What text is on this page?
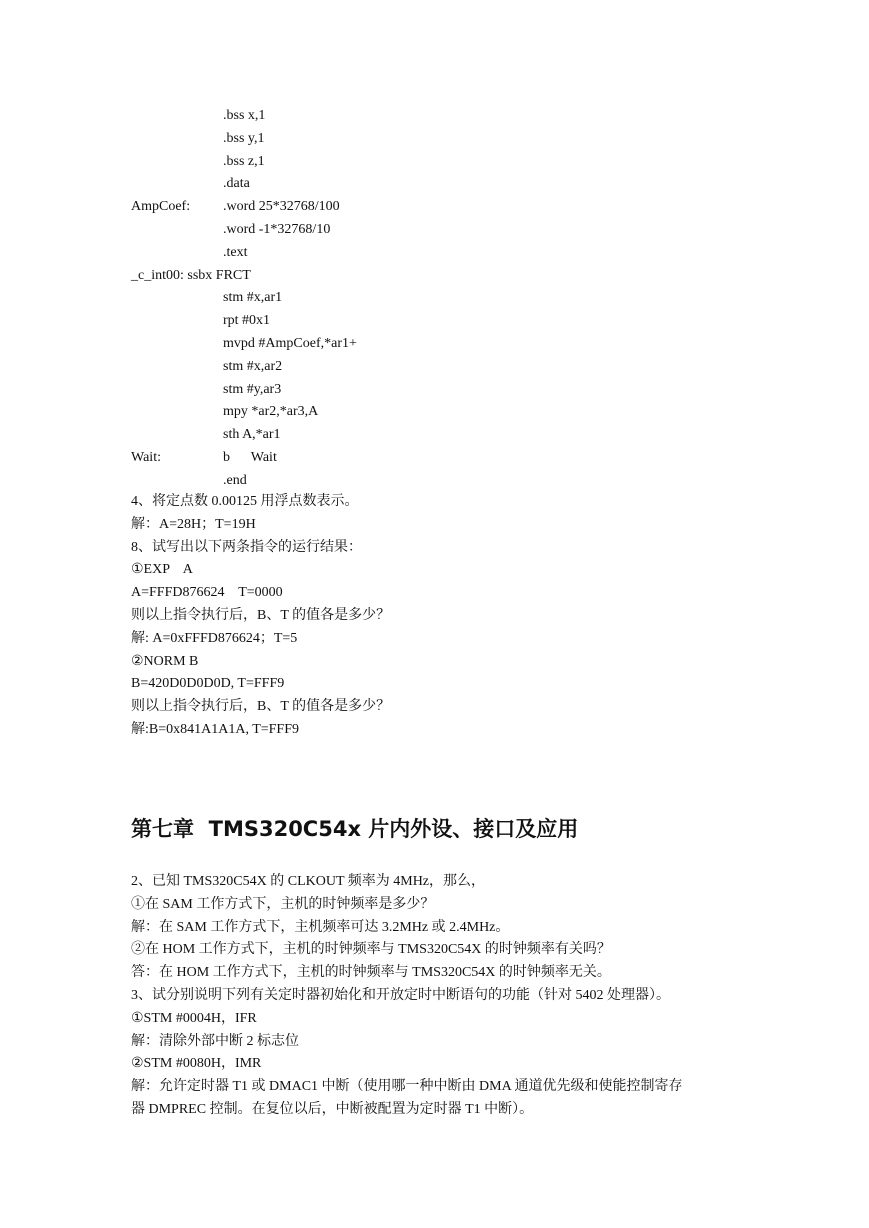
.bss x,1
.bss y,1
.bss z,1
.data
AmpCoef: .word 25*32768/100
.word -1*32768/10
.text
_c_int00: ssbx FRCT
stm #x,ar1
rpt #0x1
mvpd #AmpCoef,*ar1+
stm #x,ar2
stm #y,ar3
mpy *ar2,*ar3,A
sth A,*ar1
Wait:	b      Wait
.end
4、将定点数 0.00125 用浮点数表示。
解：A=28H；T=19H
8、试写出以下两条指令的运行结果：
①EXP    A
A=FFFD876624    T=0000
则以上指令执行后，B、T 的值各是多少？
解: A=0xFFFD876624；T=5
②NORM B
B=420D0D0D0D, T=FFF9
则以上指令执行后，B、T 的值各是多少？
解:B=0x841A1A1A, T=FFF9
第七章  TMS320C54x 片内外设、接口及应用
2、已知 TMS320C54X 的 CLKOUT 频率为 4MHz，那么，
①在 SAM 工作方式下，主机的时钟频率是多少？
解：在 SAM 工作方式下，主机频率可达 3.2MHz 或 2.4MHz。
②在 HOM 工作方式下，主机的时钟频率与 TMS320C54X 的时钟频率有关吗？
答：在 HOM 工作方式下，主机的时钟频率与 TMS320C54X 的时钟频率无关。
3、试分别说明下列有关定时器初始化和开放定时中断语句的功能（针对 5402 处理器）。
①STM #0004H，IFR
解：清除外部中断 2 标志位
②STM #0080H，IMR
解：允许定时器 T1 或 DMAC1 中断（使用哪一种中断由 DMA 通道优先级和使能控制寄存
器 DMPREC 控制。在复位以后，中断被配置为定时器 T1 中断）。
